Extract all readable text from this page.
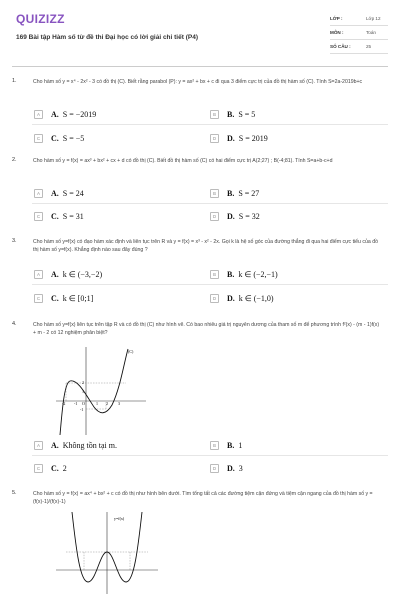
QUIZIZZ
169 Bài tập Hàm số từ đề thi Đại học có lời giải chi tiết (P4)
LỚP :	Lớp 12
MÔN :	Toán
SỐ CÂU :	25
1.	Cho hàm số y = x⁴ - 2x² - 3 có đồ thị (C). Biết rằng parabol (P): y = ax² + bx + c đi qua 3 điểm cực trị của đồ thị hàm số (C). Tính S=2a-2019b+c
A	A. S = −2019	B	B. S = 5
C	C. S = −5	D	D. S = 2019
2.	Cho hàm số y = f(x) = ax³ + bx² + cx + d có đồ thị (C). Biết đồ thị hàm số (C) có hai điểm cực trị A(2;27) ; B(-4;81). Tính S=a+b-c+d
A	A. S = 24	B	B. S = 27
C	C. S = 31	D	D. S = 32
3.	Cho hàm số y=f(x) có đạo hàm xác định và liên tục trên R và y = f(x) = x³ - x² - 2x. Gọi k là hệ số góc của đường thẳng đi qua hai điểm cực tiểu của đồ thị hàm số y=f(x). Khẳng định nào sau đây đúng ?
A	A. k ∈ (−3,−2)	B	B. k ∈ (−2,−1)
C	C. k ∈ [0;1]	D	D. k ∈ (−1,0)
4.	Cho hàm số y=f(x) liên tục trên tập R và có đồ thị (C) như hình vẽ. Có bao nhiêu giá trị nguyên dương của tham số m để phương trình f²(x) - (m - 1)f(x) + m - 2 có 12 nghiệm phân biệt?
(C)
-2 -1 O	1 2	3
2
1
-1
A	A. Không tồn tại m.	B	B. 1
C	C. 2	D	D. 3
5.	Cho hàm số y = f(x) = ax⁴ + bx² + c có đồ thị như hình bên dưới. Tìm tổng tất cả các đường tiệm cận đứng và tiệm cận ngang của đồ thị hàm số y = (f(x)-1)/(f(x)-1)
y=f(x)
